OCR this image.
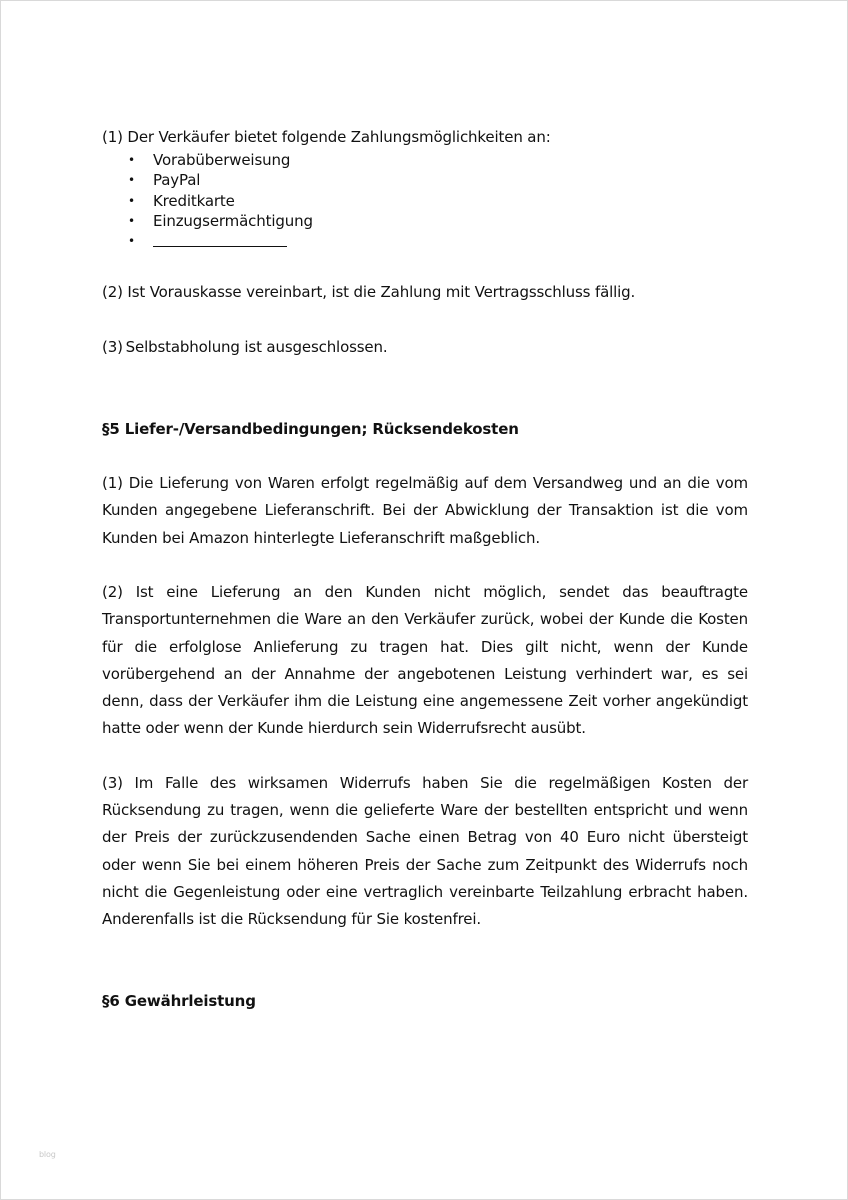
(1) Der Verkäufer bietet folgende Zahlungsmöglichkeiten an:

• Vorabüberweisung
• PayPal
• Kreditkarte
• Einzugsermächtigung
•

(2) Ist Vorauskasse vereinbart, ist die Zahlung mit Vertragsschluss fällig.

(3) Selbstabholung ist ausgeschlossen.

§5 Liefer-/Versandbedingungen; Rücksendekosten

(1) Die Lieferung von Waren erfolgt regelmäßig auf dem Versandweg und an die vom Kunden angegebene Lieferanschrift. Bei der Abwicklung der Transaktion ist die vom Kunden bei Amazon hinterlegte Lieferanschrift maßgeblich.

(2) Ist eine Lieferung an den Kunden nicht möglich, sendet das beauftragte Transportunternehmen die Ware an den Verkäufer zurück, wobei der Kunde die Kosten für die erfolglose Anlieferung zu tragen hat. Dies gilt nicht, wenn der Kunde vorübergehend an der Annahme der angebotenen Leistung verhindert war, es sei denn, dass der Verkäufer ihm die Leistung eine angemessene Zeit vorher angekündigt hatte oder wenn der Kunde hierdurch sein Widerrufsrecht ausübt.

(3) Im Falle des wirksamen Widerrufs haben Sie die regelmäßigen Kosten der Rücksendung zu tragen, wenn die gelieferte Ware der bestellten entspricht und wenn der Preis der zurückzusendenden Sache einen Betrag von 40 Euro nicht übersteigt oder wenn Sie bei einem höheren Preis der Sache zum Zeitpunkt des Widerrufs noch nicht die Gegenleistung oder eine vertraglich vereinbarte Teilzahlung erbracht haben. Anderenfalls ist die Rücksendung für Sie kostenfrei.

§6 Gewährleistung
blog
